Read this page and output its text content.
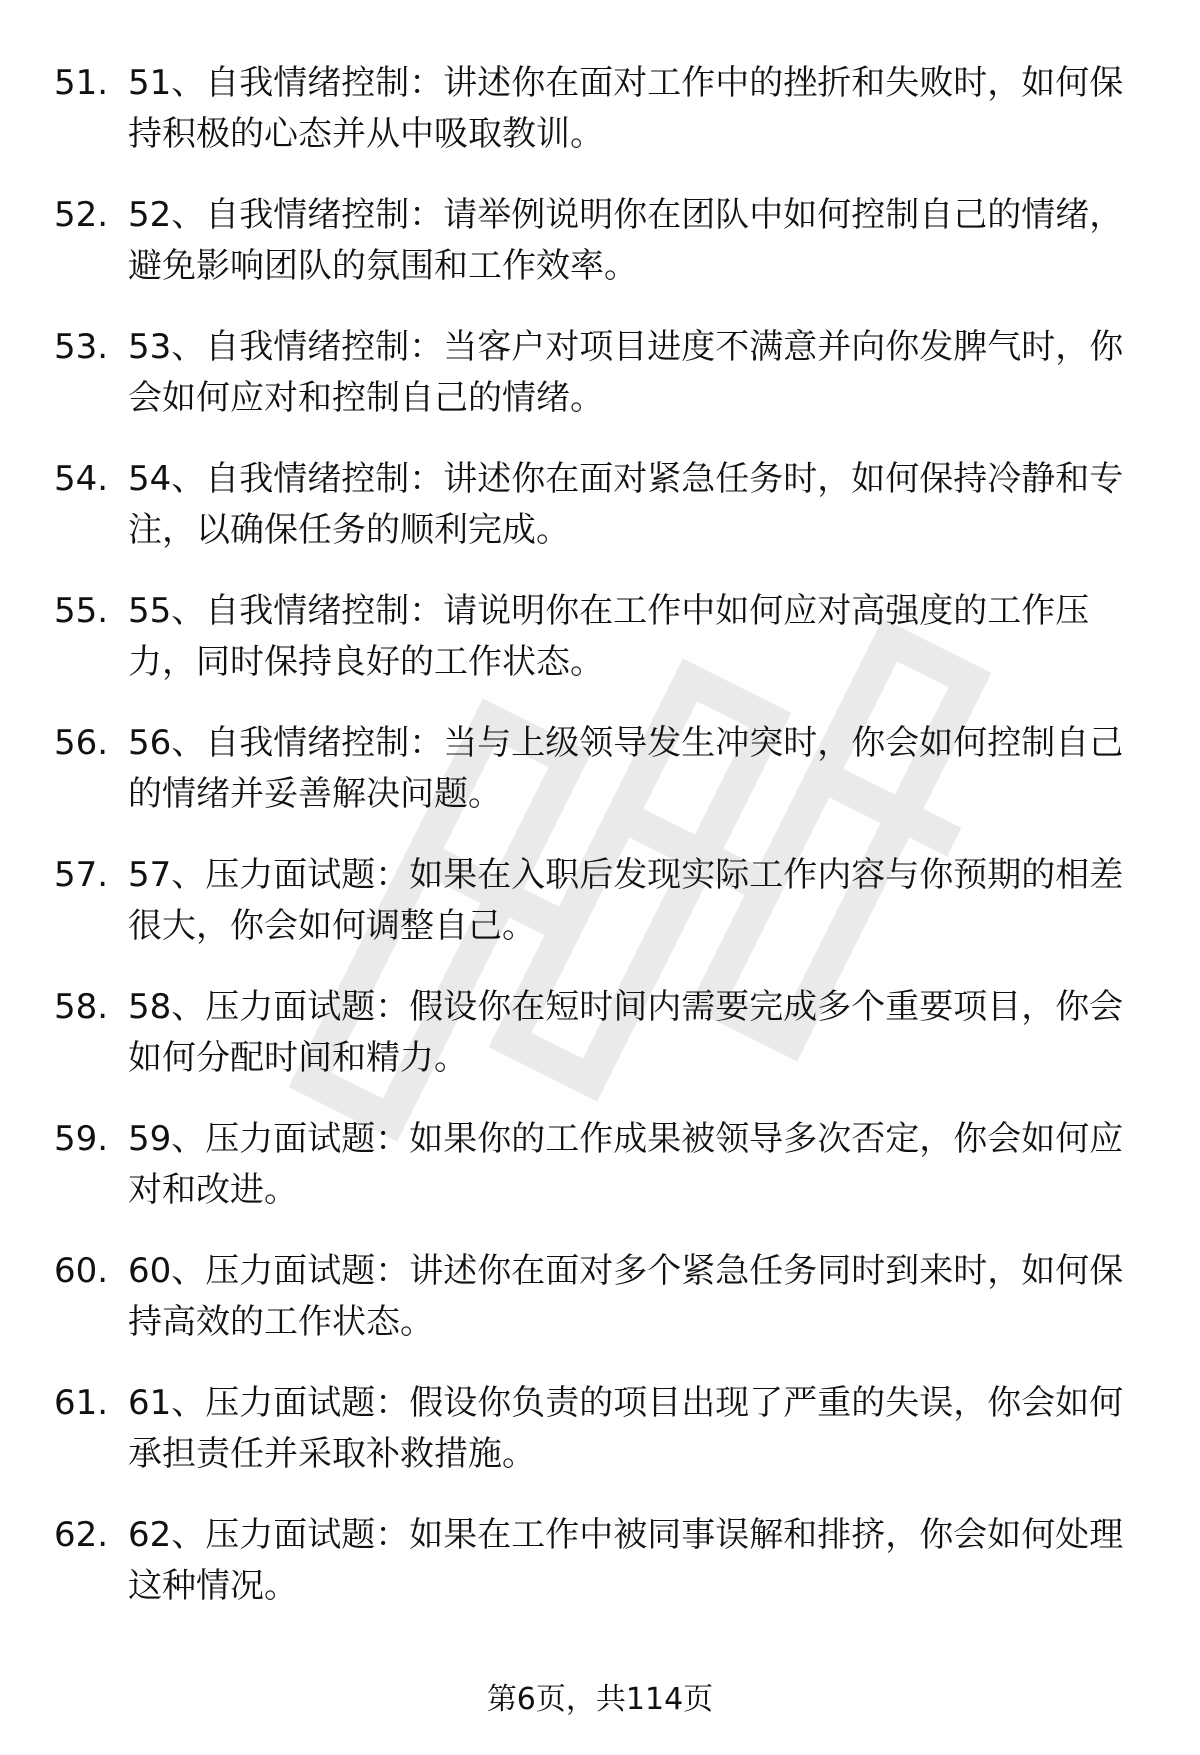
51. 51、自我情绪控制：讲述你在面对工作中的挫折和失败时，如何保持积极的心态并从中吸取教训。
52. 52、自我情绪控制：请举例说明你在团队中如何控制自己的情绪，避免影响团队的氛围和工作效率。
53. 53、自我情绪控制：当客户对项目进度不满意并向你发脾气时，你会如何应对和控制自己的情绪。
54. 54、自我情绪控制：讲述你在面对紧急任务时，如何保持冷静和专注，以确保任务的顺利完成。
55. 55、自我情绪控制：请说明你在工作中如何应对高强度的工作压力，同时保持良好的工作状态。
56. 56、自我情绪控制：当与上级领导发生冲突时，你会如何控制自己的情绪并妥善解决问题。
57. 57、压力面试题：如果在入职后发现实际工作内容与你预期的相差很大，你会如何调整自己。
58. 58、压力面试题：假设你在短时间内需要完成多个重要项目，你会如何分配时间和精力。
59. 59、压力面试题：如果你的工作成果被领导多次否定，你会如何应对和改进。
60. 60、压力面试题：讲述你在面对多个紧急任务同时到来时，如何保持高效的工作状态。
61. 61、压力面试题：假设你负责的项目出现了严重的失误，你会如何承担责任并采取补救措施。
62. 62、压力面试题：如果在工作中被同事误解和排挤，你会如何处理这种情况。
第6页，共114页
